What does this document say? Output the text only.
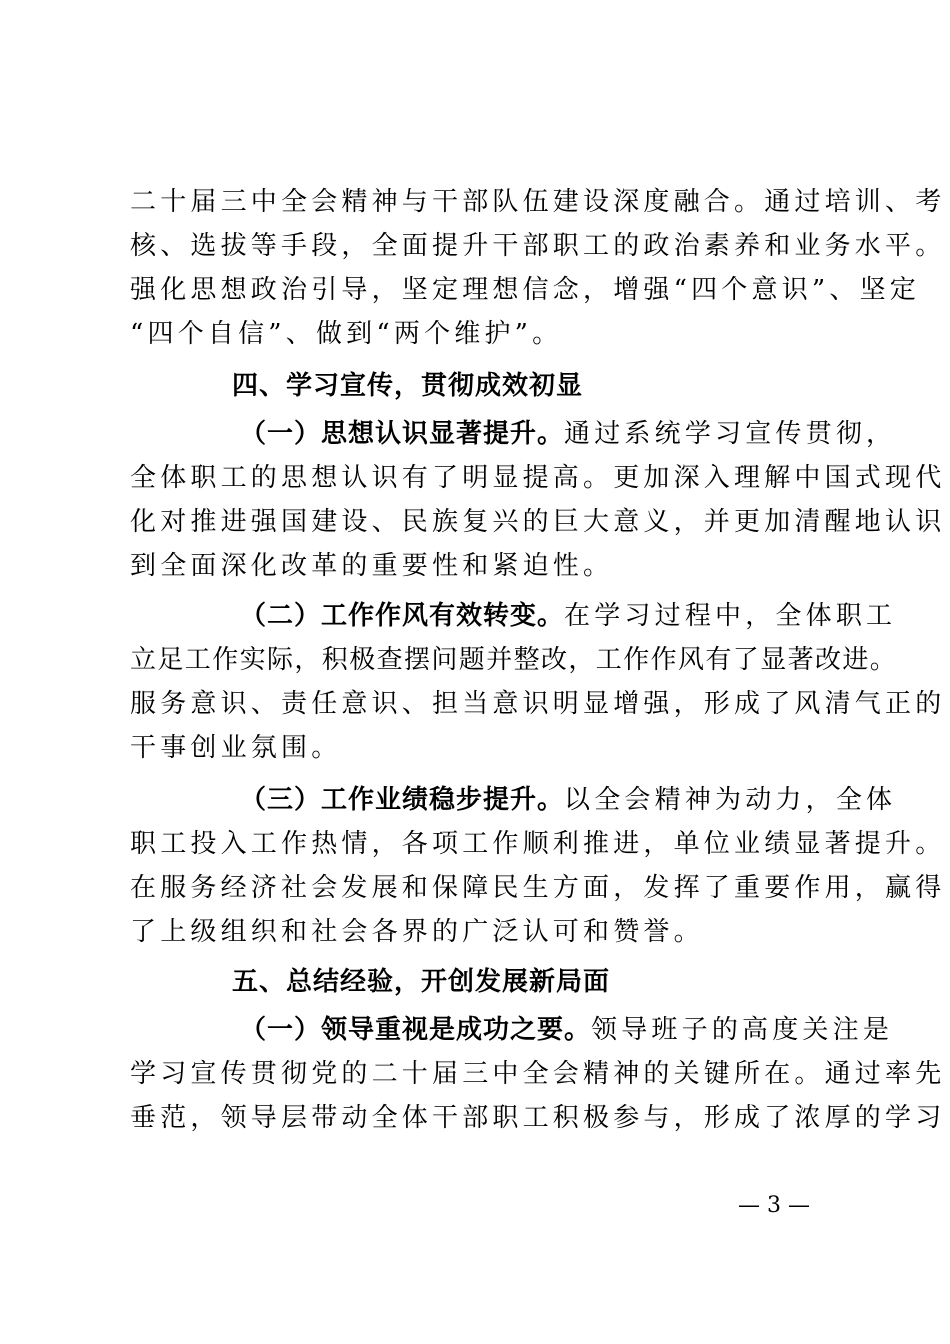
二十届三中全会精神与干部队伍建设深度融合。通过培训、考
核、选拔等手段，全面提升干部职工的政治素养和业务水平。
强化思想政治引导，坚定理想信念，增强“四个意识”、坚定
“四个自信”、做到“两个维护”。
四、学习宣传，贯彻成效初显
（一）思想认识显著提升。通过系统学习宣传贯彻，
全体职工的思想认识有了明显提高。更加深入理解中国式现代
化对推进强国建设、民族复兴的巨大意义，并更加清醒地认识
到全面深化改革的重要性和紧迫性。
（二）工作作风有效转变。在学习过程中，全体职工
立足工作实际，积极查摆问题并整改，工作作风有了显著改进。
服务意识、责任意识、担当意识明显增强，形成了风清气正的
干事创业氛围。
（三）工作业绩稳步提升。以全会精神为动力，全体
职工投入工作热情，各项工作顺利推进，单位业绩显著提升。
在服务经济社会发展和保障民生方面，发挥了重要作用，赢得
了上级组织和社会各界的广泛认可和赞誉。
五、总结经验，开创发展新局面
（一）领导重视是成功之要。领导班子的高度关注是
学习宣传贯彻党的二十届三中全会精神的关键所在。通过率先
垂范，领导层带动全体干部职工积极参与，形成了浓厚的学习
— 3 —
